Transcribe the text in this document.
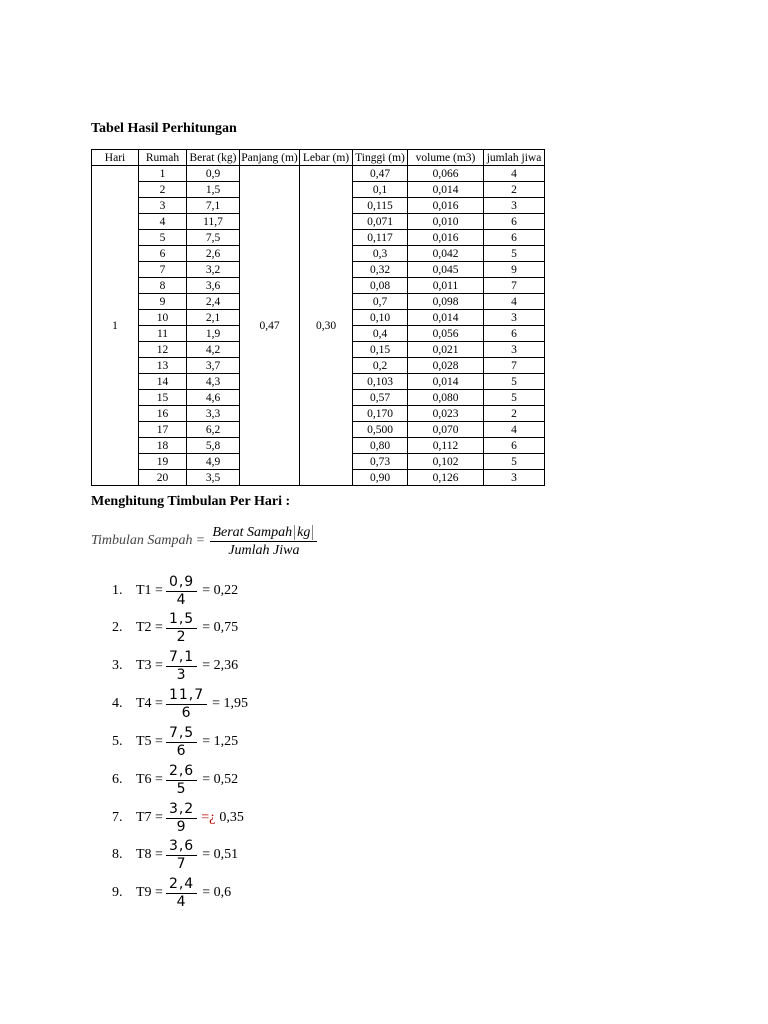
Tabel Hasil Perhitungan
Hari	Rumah	Berat (kg)	Panjang (m)	Lebar (m)	Tinggi (m)	volume (m3)	jumlah jiwa
1	1	0,9	0,47	0,30	0,47	0,066	4
	2	1,5			0,1	0,014	2
	3	7,1			0,115	0,016	3
	4	11,7			0,071	0,010	6
	5	7,5			0,117	0,016	6
	6	2,6			0,3	0,042	5
	7	3,2			0,32	0,045	9
	8	3,6			0,08	0,011	7
	9	2,4			0,7	0,098	4
	10	2,1			0,10	0,014	3
	11	1,9			0,4	0,056	6
	12	4,2			0,15	0,021	3
	13	3,7			0,2	0,028	7
	14	4,3			0,103	0,014	5
	15	4,6			0,57	0,080	5
	16	3,3			0,170	0,023	2
	17	6,2			0,500	0,070	4
	18	5,8			0,80	0,112	6
	19	4,9			0,73	0,102	5
	20	3,5			0,90	0,126	3
Menghitung Timbulan Per Hari :
Timbulan Sampah = $\frac{\text{Berat Sampah kg}}{\text{Jumlah Jiwa}}$
1. $T1 = \frac{0,9}{4} = 0,22$
2. $T2 = \frac{1,5}{2} = 0,75$
3. $T3 = \frac{7,1}{3} = 2,36$
4. $T4 = \frac{11,7}{6} = 1,95$
5. $T5 = \frac{7,5}{6} = 1,25$
6. $T6 = \frac{2,6}{5} = 0,52$
7. $T7 = \frac{3,2}{9}$ =¿ 0,35
8. $T8 = \frac{3,6}{7} = 0,51$
9. $T9 = \frac{2,4}{4} = 0,6$
